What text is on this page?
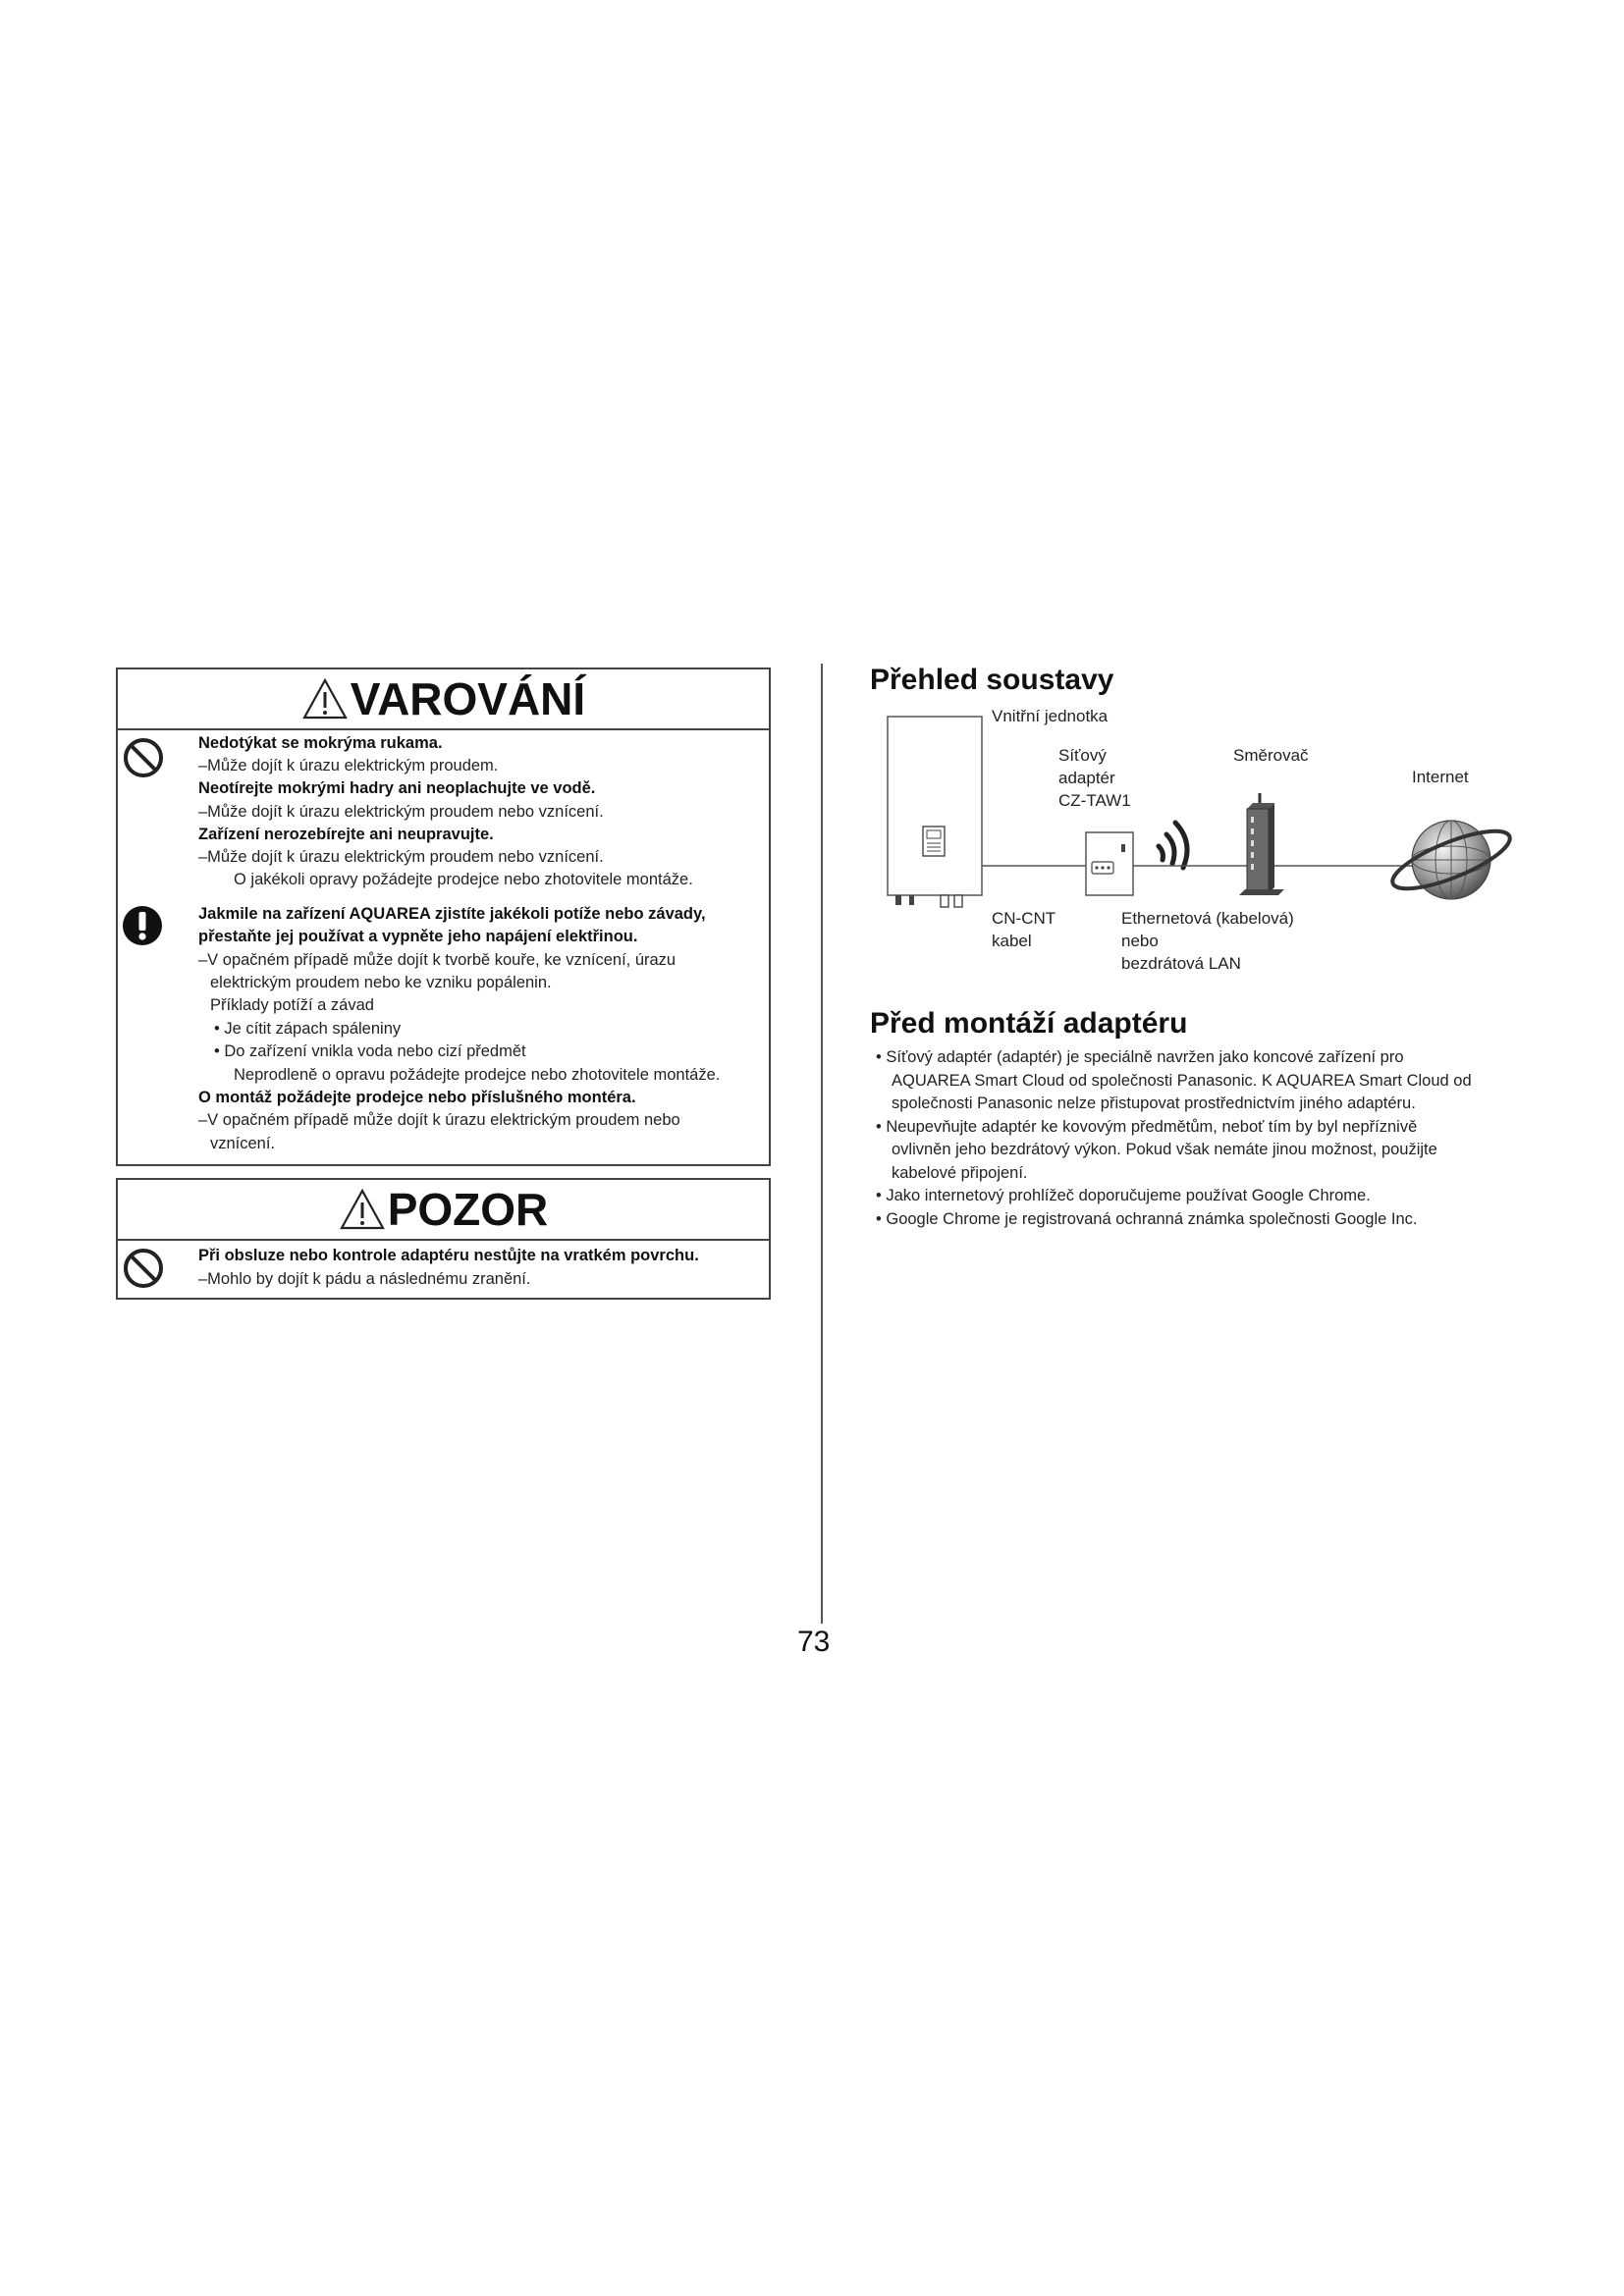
VAROVÁNÍ
Nedotýkat se mokrýma rukama.
–Může dojít k úrazu elektrickým proudem.
Neotírejte mokrými hadry ani neoplachujte ve vodě.
–Může dojít k úrazu elektrickým proudem nebo vznícení.
Zařízení nerozebírejte ani neupravujte.
–Může dojít k úrazu elektrickým proudem nebo vznícení.
O jakékoli opravy požádejte prodejce nebo zhotovitele montáže.
Jakmile na zařízení AQUAREA zjistíte jakékoli potíže nebo závady,
přestaňte jej používat a vypněte jeho napájení elektřinou.
–V opačném případě může dojít k tvorbě kouře, ke vznícení, úrazu
elektrickým proudem nebo ke vzniku popálenin.
Příklady potíží a závad
• Je cítit zápach spáleniny
• Do zařízení vnikla voda nebo cizí předmět
Neprodleně o opravu požádejte prodejce nebo zhotovitele montáže.
O montáž požádejte prodejce nebo příslušného montéra.
–V opačném případě může dojít k úrazu elektrickým proudem nebo
vznícení.
POZOR
Při obsluze nebo kontrole adaptéru nestůjte na vratkém povrchu.
–Mohlo by dojít k pádu a následnému zranění.
Přehled soustavy
Vnitřní jednotka
Síťový
adaptér
CZ-TAW1
Směrovač
Internet
CN-CNT
kabel
Ethernetová (kabelová)
nebo
bezdrátová LAN
Před montáží adaptéru
• Síťový adaptér (adaptér) je speciálně navržen jako koncové zařízení pro
AQUAREA Smart Cloud od společnosti Panasonic. K AQUAREA Smart Cloud od
společnosti Panasonic nelze přistupovat prostřednictvím jiného adaptéru.
• Neupevňujte adaptér ke kovovým předmětům, neboť tím by byl nepříznivě
ovlivněn jeho bezdrátový výkon. Pokud však nemáte jinou možnost, použijte
kabelové připojení.
• Jako internetový prohlížeč doporučujeme používat Google Chrome.
• Google Chrome je registrovaná ochranná známka společnosti Google Inc.
73
